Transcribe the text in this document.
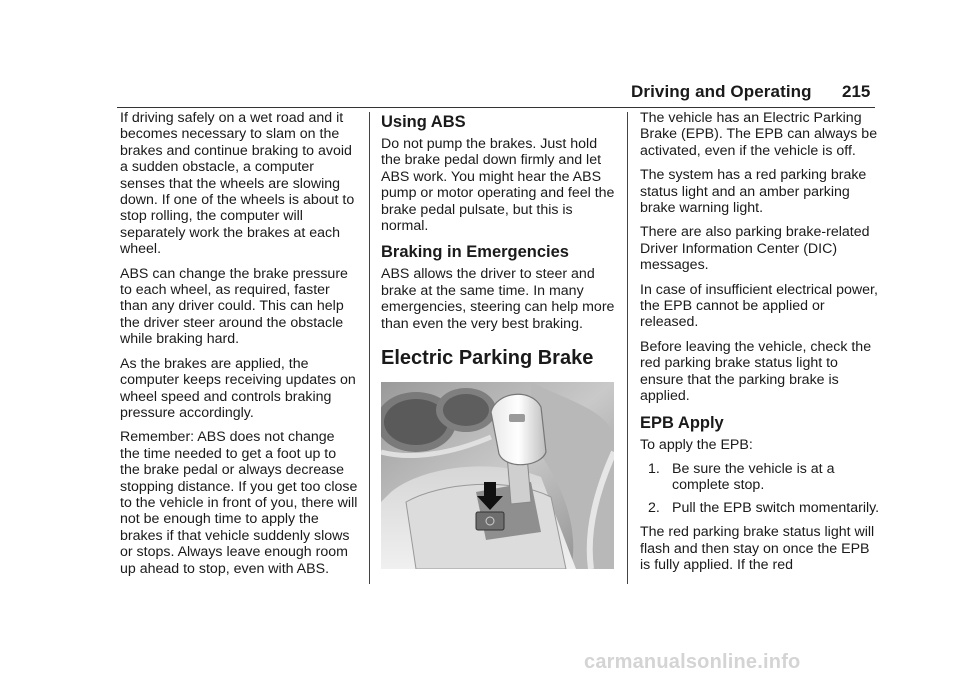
Driving and Operating 215

If driving safely on a wet road and it becomes necessary to slam on the brakes and continue braking to avoid a sudden obstacle, a computer senses that the wheels are slowing down. If one of the wheels is about to stop rolling, the computer will separately work the brakes at each wheel.

ABS can change the brake pressure to each wheel, as required, faster than any driver could. This can help the driver steer around the obstacle while braking hard.

As the brakes are applied, the computer keeps receiving updates on wheel speed and controls braking pressure accordingly.

Remember: ABS does not change the time needed to get a foot up to the brake pedal or always decrease stopping distance. If you get too close to the vehicle in front of you, there will not be enough time to apply the brakes if that vehicle suddenly slows or stops. Always leave enough room up ahead to stop, even with ABS.

Using ABS

Do not pump the brakes. Just hold the brake pedal down firmly and let ABS work. You might hear the ABS pump or motor operating and feel the brake pedal pulsate, but this is normal.

Braking in Emergencies

ABS allows the driver to steer and brake at the same time. In many emergencies, steering can help more than even the very best braking.

Electric Parking Brake

The vehicle has an Electric Parking Brake (EPB). The EPB can always be activated, even if the vehicle is off.

The system has a red parking brake status light and an amber parking brake warning light.

There are also parking brake-related Driver Information Center (DIC) messages.

In case of insufficient electrical power, the EPB cannot be applied or released.

Before leaving the vehicle, check the red parking brake status light to ensure that the parking brake is applied.

EPB Apply

To apply the EPB:

1. Be sure the vehicle is at a complete stop.
2. Pull the EPB switch momentarily.

The red parking brake status light will flash and then stay on once the EPB is fully applied. If the red

carmanualsonline.info
